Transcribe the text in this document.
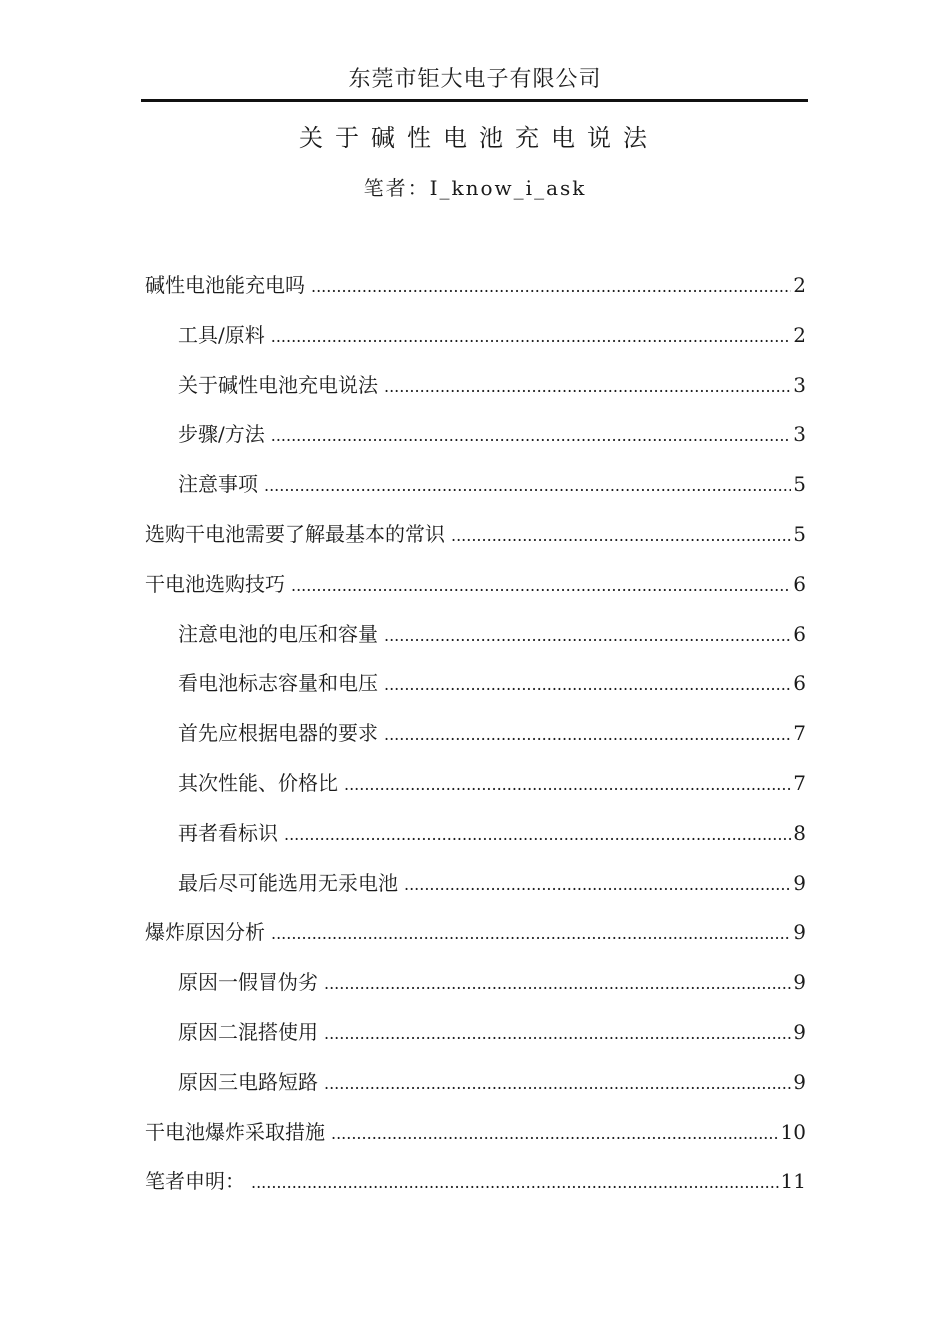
东莞市钜大电子有限公司
关于碱性电池充电说法
笔者：I_know_i_ask
碱性电池能充电吗 .....	2
工具/原料 .....	2
关于碱性电池充电说法 .....	3
步骤/方法 .....	3
注意事项 .....	5
选购干电池需要了解最基本的常识 .....	5
干电池选购技巧 .....	6
注意电池的电压和容量 .....	6
看电池标志容量和电压 .....	6
首先应根据电器的要求 .....	7
其次性能、价格比 .....	7
再者看标识 .....	8
最后尽可能选用无汞电池 .....	9
爆炸原因分析 .....	9
原因一假冒伪劣 .....	9
原因二混搭使用 .....	9
原因三电路短路 .....	9
干电池爆炸采取措施 .....	10
笔者申明： .....	11
